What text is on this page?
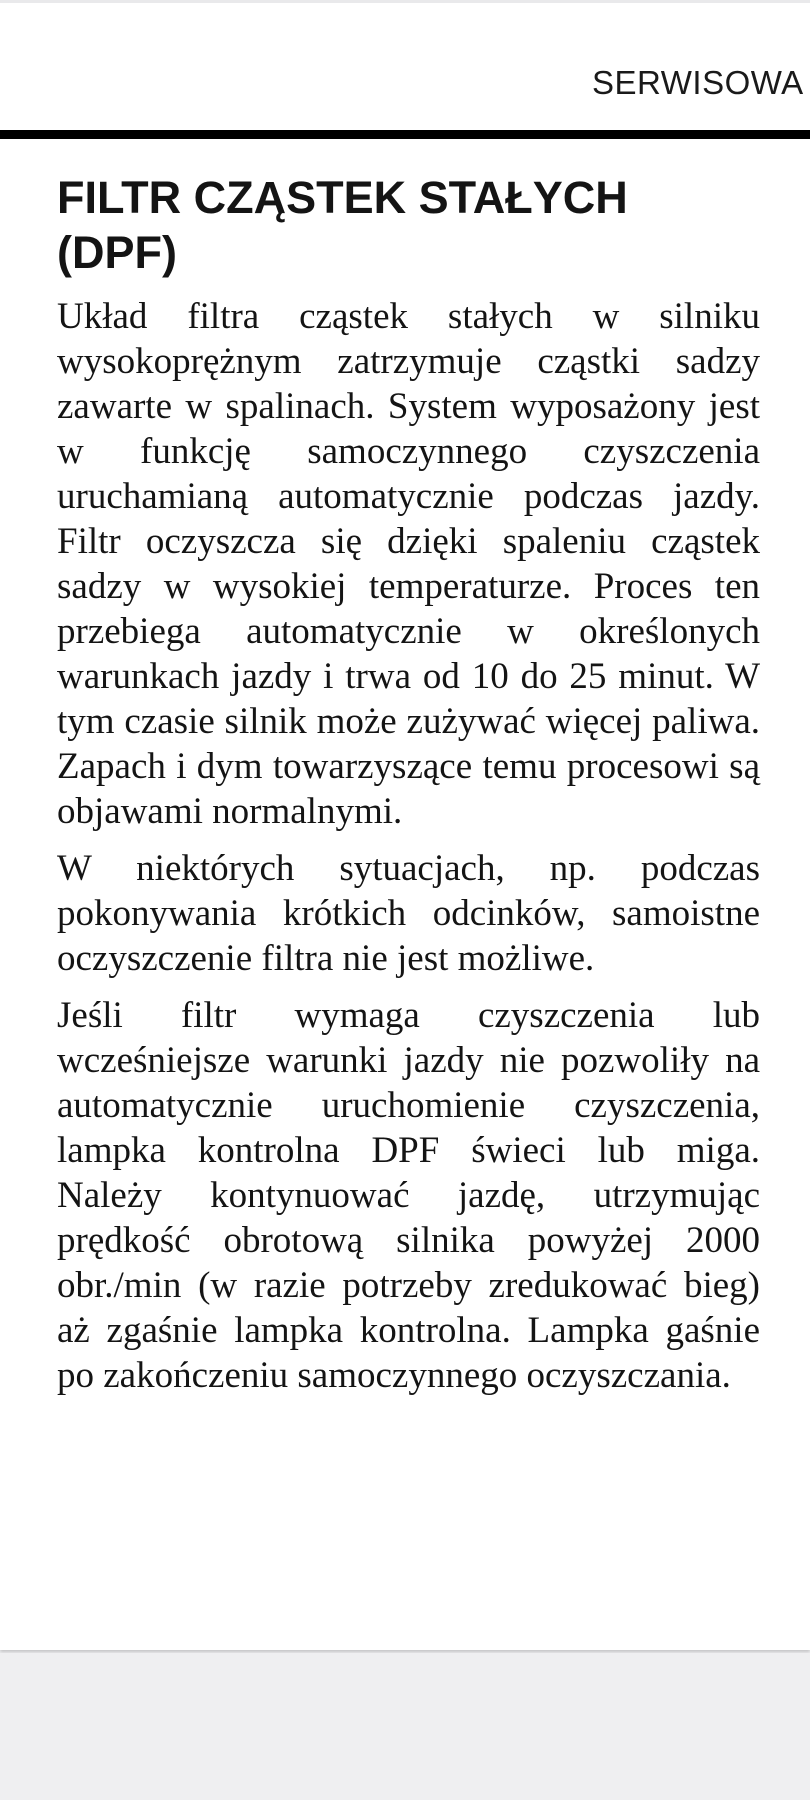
SERWISOWA
FILTR CZĄSTEK STAŁYCH (DPF)

Układ filtra cząstek stałych w silniku wysokoprężnym zatrzymuje cząstki sadzy zawarte w spalinach. System wyposażony jest w funkcję samoczynnego czyszczenia uruchamianą automatycznie podczas jazdy. Filtr oczyszcza się dzięki spaleniu cząstek sadzy w wysokiej temperaturze. Proces ten przebiega automatycznie w określonych warunkach jazdy i trwa od 10 do 25 minut. W tym czasie silnik może zużywać więcej paliwa. Zapach i dym towarzyszące temu procesowi są objawami normalnymi.

W niektórych sytuacjach, np. podczas pokonywania krótkich odcinków, samoistne oczyszczenie filtra nie jest możliwe.

Jeśli filtr wymaga czyszczenia lub wcześniejsze warunki jazdy nie pozwoliły na automatycznie uruchomienie czyszczenia, lampka kontrolna DPF świeci lub miga. Należy kontynuować jazdę, utrzymując prędkość obrotową silnika powyżej 2000 obr./min (w razie potrzeby zredukować bieg) aż zgaśnie lampka kontrolna. Lampka gaśnie po zakończeniu samoczynnego oczyszczania.
